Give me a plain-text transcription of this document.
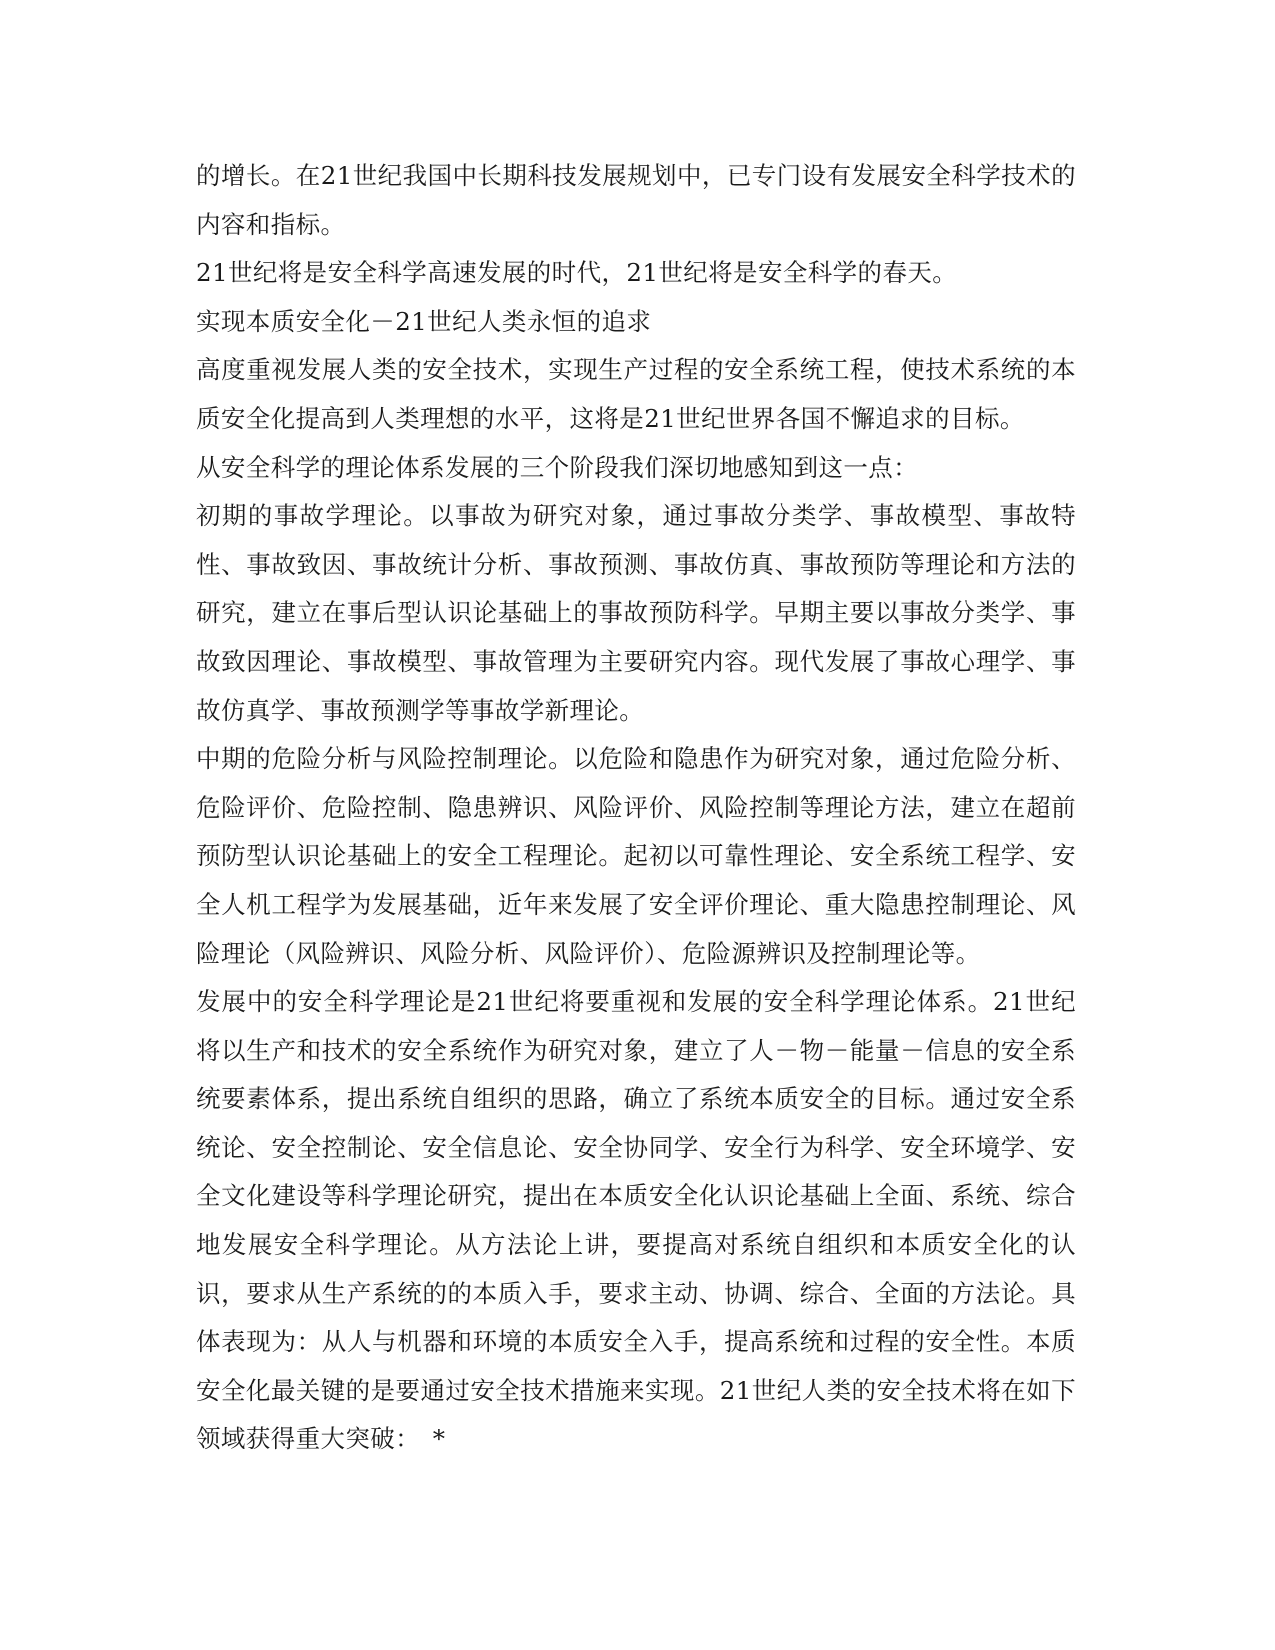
的增长。在21世纪我国中长期科技发展规划中，已专门设有发展安全科学技术的内容和指标。

21世纪将是安全科学高速发展的时代，21世纪将是安全科学的春天。

实现本质安全化－21世纪人类永恒的追求

高度重视发展人类的安全技术，实现生产过程的安全系统工程，使技术系统的本质安全化提高到人类理想的水平，这将是21世纪世界各国不懈追求的目标。

从安全科学的理论体系发展的三个阶段我们深切地感知到这一点：

初期的事故学理论。以事故为研究对象，通过事故分类学、事故模型、事故特性、事故致因、事故统计分析、事故预测、事故仿真、事故预防等理论和方法的研究，建立在事后型认识论基础上的事故预防科学。早期主要以事故分类学、事故致因理论、事故模型、事故管理为主要研究内容。现代发展了事故心理学、事故仿真学、事故预测学等事故学新理论。

中期的危险分析与风险控制理论。以危险和隐患作为研究对象，通过危险分析、危险评价、危险控制、隐患辨识、风险评价、风险控制等理论方法，建立在超前预防型认识论基础上的安全工程理论。起初以可靠性理论、安全系统工程学、安全人机工程学为发展基础，近年来发展了安全评价理论、重大隐患控制理论、风险理论（风险辨识、风险分析、风险评价）、危险源辨识及控制理论等。

发展中的安全科学理论是21世纪将要重视和发展的安全科学理论体系。21世纪将以生产和技术的安全系统作为研究对象，建立了人－物－能量－信息的安全系统要素体系，提出系统自组织的思路，确立了系统本质安全的目标。通过安全系统论、安全控制论、安全信息论、安全协同学、安全行为科学、安全环境学、安全文化建设等科学理论研究，提出在本质安全化认识论基础上全面、系统、综合地发展安全科学理论。从方法论上讲，要提高对系统自组织和本质安全化的认识，要求从生产系统的的本质入手，要求主动、协调、综合、全面的方法论。具体表现为：从人与机器和环境的本质安全入手，提高系统和过程的安全性。本质安全化最关键的是要通过安全技术措施来实现。21世纪人类的安全技术将在如下领域获得重大突破：　*
